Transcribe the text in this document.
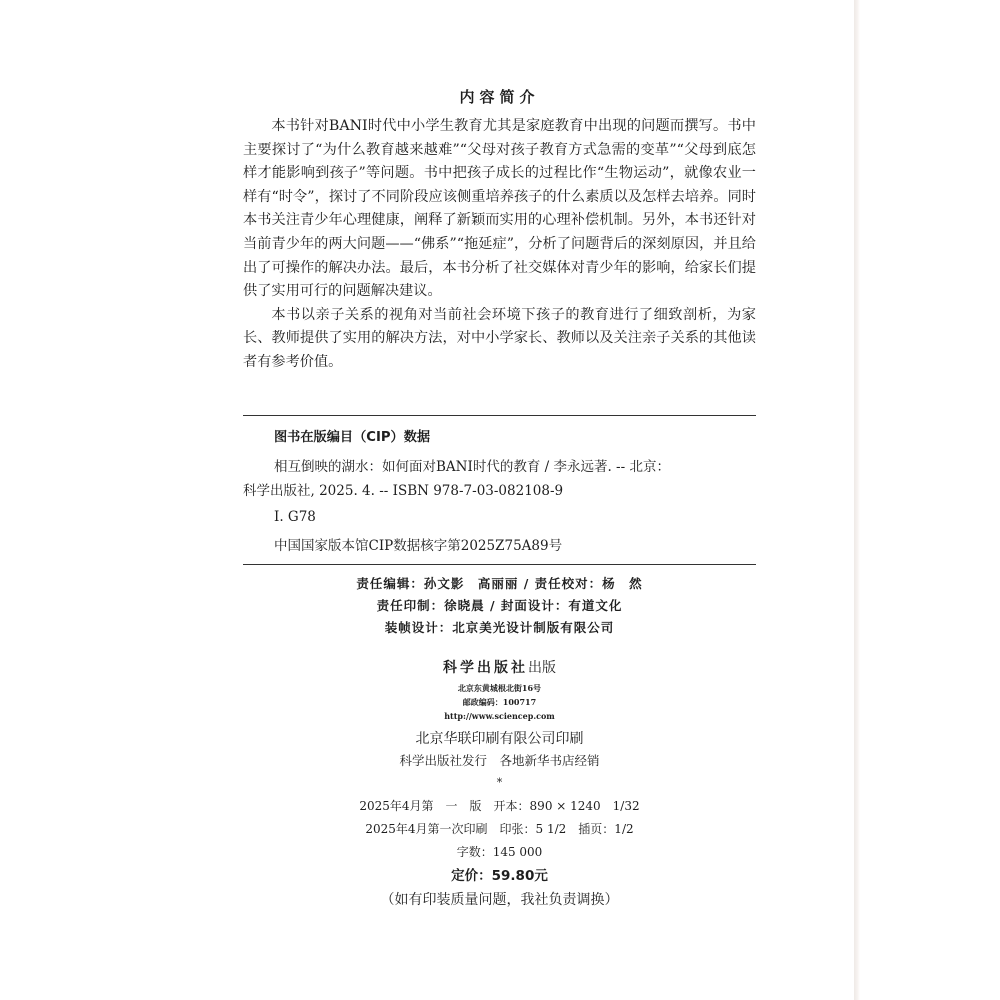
内容简介

本书针对BANI时代中小学生教育尤其是家庭教育中出现的问题而撰写。书中主要探讨了“为什么教育越来越难”“父母对孩子教育方式急需的变革”“父母到底怎样才能影响到孩子”等问题。书中把孩子成长的过程比作“生物运动”，就像农业一样有“时令”，探讨了不同阶段应该侧重培养孩子的什么素质以及怎样去培养。同时本书关注青少年心理健康，阐释了新颖而实用的心理补偿机制。另外，本书还针对当前青少年的两大问题——“佛系”“拖延症”，分析了问题背后的深刻原因，并且给出了可操作的解决办法。最后，本书分析了社交媒体对青少年的影响，给家长们提供了实用可行的问题解决建议。

本书以亲子关系的视角对当前社会环境下孩子的教育进行了细致剖析，为家长、教师提供了实用的解决方法，对中小学家长、教师以及关注亲子关系的其他读者有参考价值。

图书在版编目（CIP）数据

相互倒映的湖水：如何面对BANI时代的教育 / 李永远著. -- 北京：

科学出版社, 2025. 4. -- ISBN 978-7-03-082108-9

Ⅰ. G78

中国国家版本馆CIP数据核字第2025Z75A89号

责任编辑：孙文影　高丽丽 / 责任校对：杨　然
责任印制：徐晓晨 / 封面设计：有道文化
装帧设计：北京美光设计制版有限公司
科学出版社出版
北京东黄城根北街16号
邮政编码：100717
http://www.sciencep.com
北京华联印刷有限公司印刷
科学出版社发行　各地新华书店经销
*
2025年4月第　一　版　开本：890 × 1240　1/32
2025年4月第一次印刷　印张：5 1/2　插页：1/2
字数：145 000
定价：59.80元
（如有印装质量问题，我社负责调换）
